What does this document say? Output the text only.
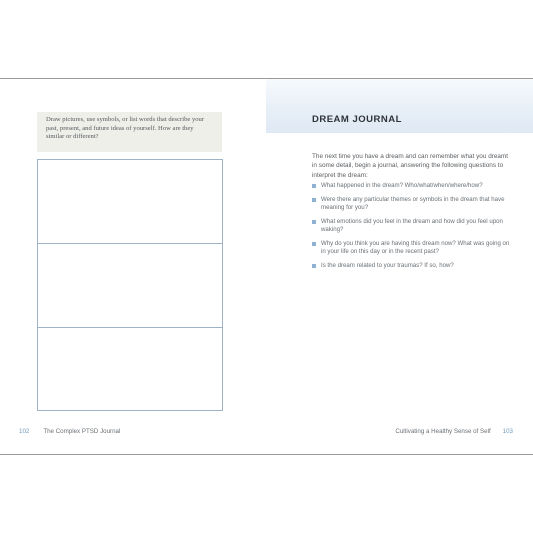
Draw pictures, use symbols, or list words that describe your past, present, and future ideas of yourself. How are they similar or different?

102 The Complex PTSD Journal
DREAM JOURNAL

The next time you have a dream and can remember what you dreamt in some detail, begin a journal, answering the following questions to interpret the dream:

What happened in the dream? Who/what/when/where/how?
Were there any particular themes or symbols in the dream that have meaning for you?
What emotions did you feel in the dream and how did you feel upon waking?
Why do you think you are having this dream now? What was going on in your life on this day or in the recent past?
Is the dream related to your traumas? If so, how?
Cultivating a Healthy Sense of Self 103
